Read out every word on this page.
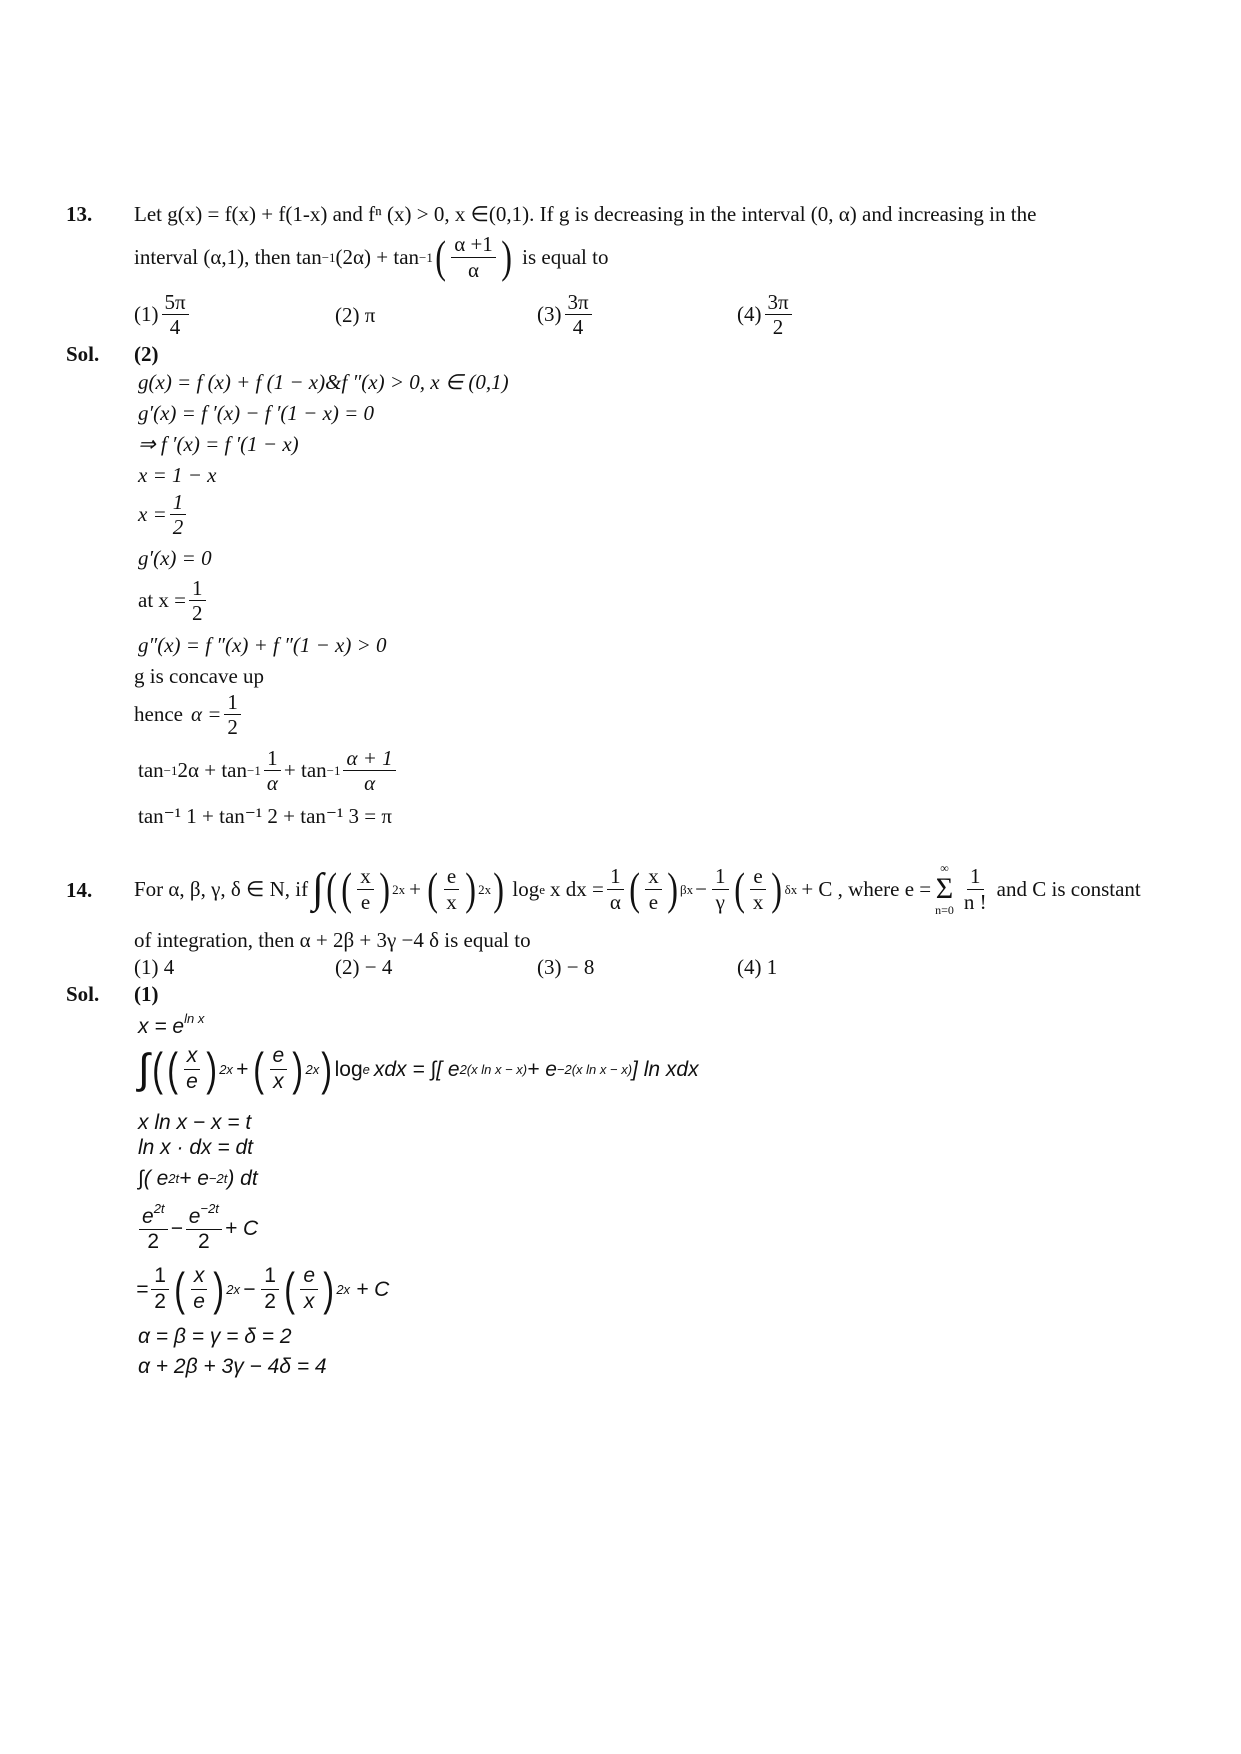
13. Let g(x) = f(x) + f(1-x) and fⁿ (x) > 0, x ∈(0,1). If g is decreasing in the interval (0, α) and increasing in the
interval (α,1), then tan −1 (2α) + tan −1 ( $\frac{\alpha +1}{\alpha}$ ) is equal to
$(1) \frac{5\pi}{4}$	(2) π	$(3) \frac{3\pi}{4}$	$(4) \frac{3\pi}{2}$
Sol. (2)
g(x) = f (x) + f (1 − x)&f ″(x) > 0, x ∈ (0,1)
g′(x) = f ′(x) − f ′(1 − x) = 0
⇒ f ′(x) = f ′(1 − x)
x = 1 − x
$x = \frac{1}{2}$
g′(x) = 0
at $x = \frac{1}{2}$
g″(x) = f ″(x) + f ″(1 − x) > 0
g is concave up
hence $\alpha = \frac{1}{2}$
tan −1 $2\alpha + \tan -1 \frac{1}{\alpha} + \tan -1 \frac{\alpha + 1}{\alpha}$
tan⁻¹ 1 + tan⁻¹ 2 + tan⁻¹ 3 = π
14. For α, β, γ, δ ∈ N, if ∫ ( ( $\frac{x}{e}$ ) 2x + ( $\frac{e}{x}$ ) 2x ) log e x dx = $\frac{1}{\alpha}$ ( $\frac{x}{e}$ ) $\beta x - \frac{1}{\gamma}$ ( $\frac{e}{x}$ ) δx + C , where e =
∞
Σ
$n=0 \frac{1}{n !}$ and C is constant
of integration, then α + 2β + 3γ −4 δ is equal to
(1) 4	(2) − 4	(3) − 8	(4) 1
Sol. (1)
$x = e^{ln x}$
∫ ( ( $\frac{x}{e}$ ) 2x + ( $\frac{e}{x}$ ) 2x ) log e xdx = ∫[ e 2(x ln x − x) + e −2(x ln x − x) ] ln xdx
x ln x − x = t
ln x · dx = dt
∫( e 2t + e −2t ) dt
$\frac{e^{2t}}{2} - \frac{e^{-2t}}{2} + C$
= $\frac{1}{2}$ ( $\frac{x}{e}$ ) $2x - \frac{1}{2}$ ( $\frac{e}{x}$ ) 2x + C
α = β = γ = δ = 2
α + 2β + 3γ − 4δ = 4
